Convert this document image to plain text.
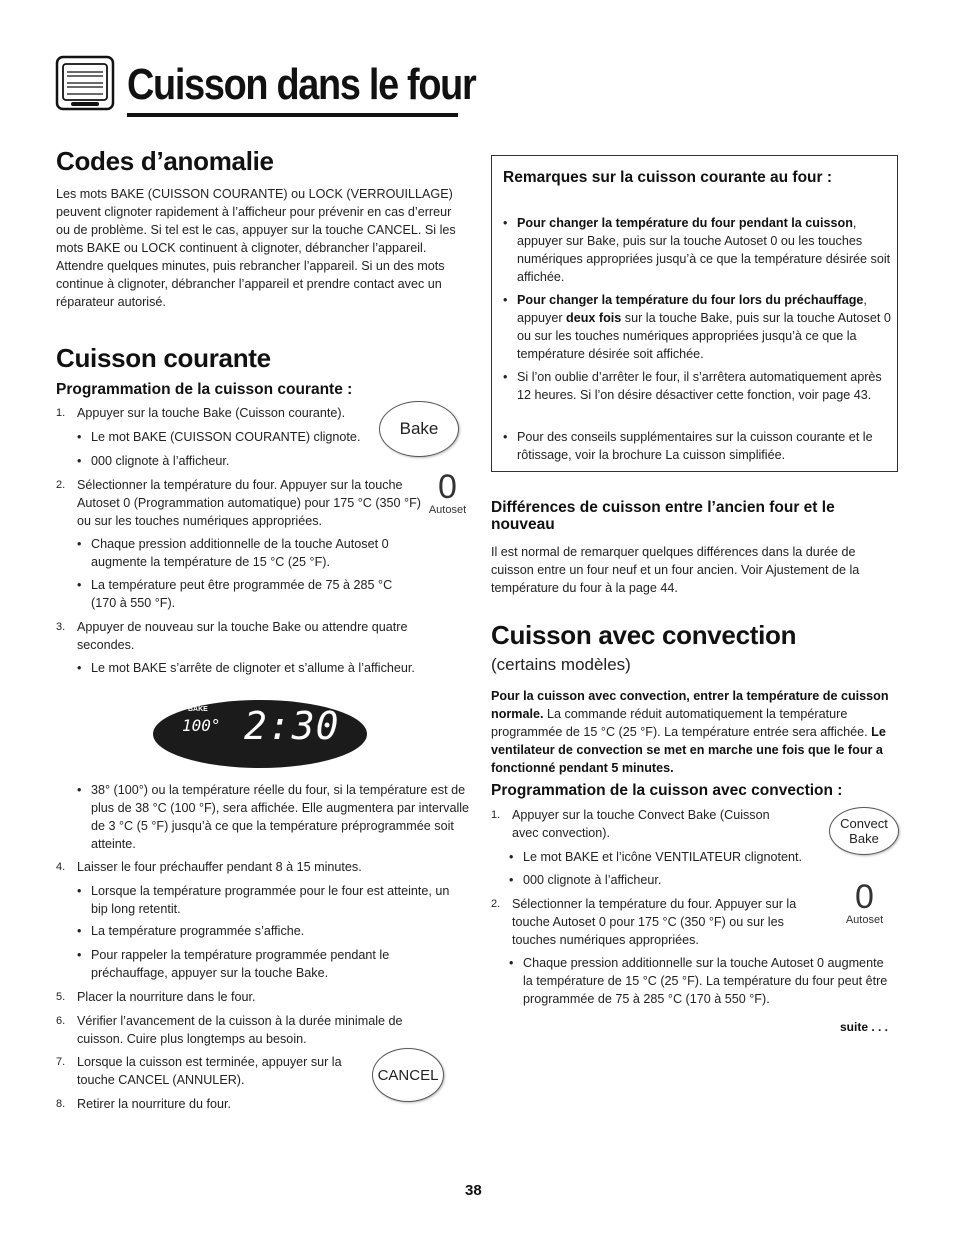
Cuisson dans le four
Codes d’anomalie

Les mots BAKE (CUISSON COURANTE) ou LOCK (VERROUILLAGE) peuvent clignoter rapidement à l’afficheur pour prévenir en cas d’erreur ou de problème. Si tel est le cas, appuyer sur la touche CANCEL. Si les mots BAKE ou LOCK continuent à clignoter, débrancher l’appareil. Attendre quelques minutes, puis rebrancher l’appareil. Si un des mots continue à clignoter, débrancher l’appareil et prendre contact avec un réparateur autorisé.

Cuisson courante
Programmation de la cuisson courante :
1. Appuyer sur la touche Bake (Cuisson courante).
• Le mot BAKE (CUISSON COURANTE) clignote.
• 000 clignote à l’afficheur.
2. Sélectionner la température du four. Appuyer sur la touche Autoset 0 (Programmation automatique) pour 175 °C (350 °F) ou sur les touches numériques appropriées.
• Chaque pression additionnelle de la touche Autoset 0 augmente la température de 15 °C (25 °F).
• La température peut être programmée de 75 à 285 °C (170 à 550 °F).
3. Appuyer de nouveau sur la touche Bake ou attendre quatre secondes.
• Le mot BAKE s’arrête de clignoter et s’allume à l’afficheur.
BAKE
100° 2:30
• 38° (100°) ou la température réelle du four, si la température est de plus de 38 °C (100 °F), sera affichée. Elle augmentera par intervalle de 3 °C (5 °F) jusqu’à ce que la température préprogrammée soit atteinte.
4. Laisser le four préchauffer pendant 8 à 15 minutes.
• Lorsque la température programmée pour le four est atteinte, un bip long retentit.
• La température programmée s’affiche.
• Pour rappeler la température programmée pendant le préchauffage, appuyer sur la touche Bake.
5. Placer la nourriture dans le four.
6. Vérifier l’avancement de la cuisson à la durée minimale de cuisson. Cuire plus longtemps au besoin.
7. Lorsque la cuisson est terminée, appuyer sur la touche CANCEL (ANNULER).
8. Retirer la nourriture du four.
Bake
0
Autoset
CANCEL
Remarques sur la cuisson courante au four :
• Pour changer la température du four pendant la cuisson, appuyer sur Bake, puis sur la touche Autoset 0 ou les touches numériques appropriées jusqu’à ce que la température désirée soit affichée.
• Pour changer la température du four lors du préchauffage, appuyer deux fois sur la touche Bake, puis sur la touche Autoset 0 ou sur les touches numériques appropriées jusqu’à ce que la température désirée soit affichée.
• Si l’on oublie d’arrêter le four, il s’arrêtera automatiquement après 12 heures. Si l’on désire désactiver cette fonction, voir page 43.
• Pour des conseils supplémentaires sur la cuisson courante et le rôtissage, voir la brochure La cuisson simplifiée.
Différences de cuisson entre l’ancien four et le nouveau

Il est normal de remarquer quelques différences dans la durée de cuisson entre un four neuf et un four ancien. Voir Ajustement de la température du four à la page 44.

Cuisson avec convection
(certains modèles)

Pour la cuisson avec convection, entrer la température de cuisson normale. La commande réduit automatiquement la température programmée de 15 °C (25 °F). La température entrée sera affichée. Le ventilateur de convection se met en marche une fois que le four a fonctionné pendant 5 minutes.

Programmation de la cuisson avec convection :
1. Appuyer sur la touche Convect Bake (Cuisson avec convection).
• Le mot BAKE et l’icône VENTILATEUR clignotent.
• 000 clignote à l’afficheur.
2. Sélectionner la température du four. Appuyer sur la touche Autoset 0 pour 175 °C (350 °F) ou sur les touches numériques appropriées.
• Chaque pression additionnelle sur la touche Autoset 0 augmente la température de 15 °C (25 °F). La température du four peut être programmée de 75 à 285 °C (170 à 550 °F).
Convect
Bake
0
Autoset
suite . . .
38
